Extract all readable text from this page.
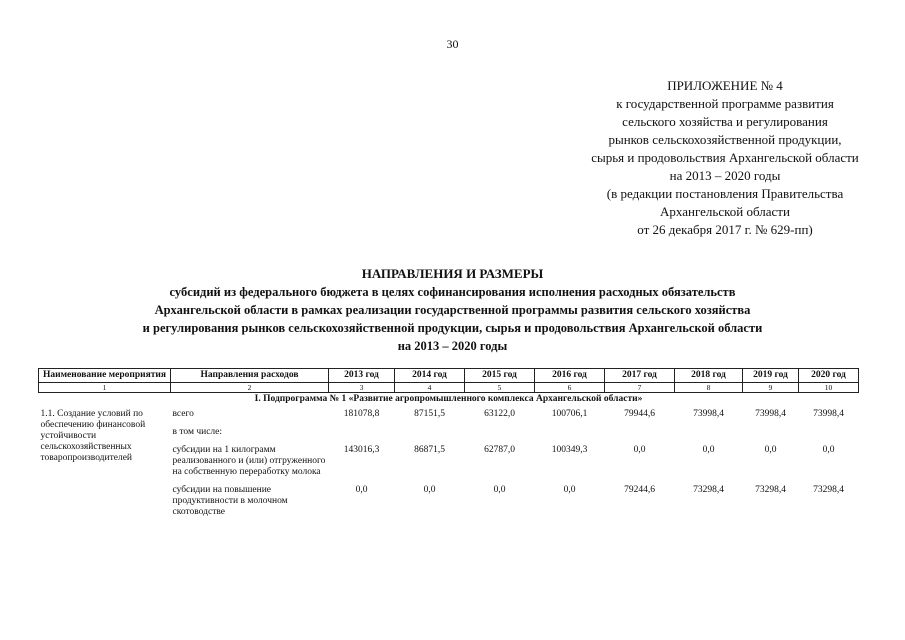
30
ПРИЛОЖЕНИЕ № 4
к государственной программе развития
сельского хозяйства и регулирования
рынков сельскохозяйственной продукции,
сырья и продовольствия Архангельской области
на 2013 – 2020 годы
(в редакции постановления Правительства
Архангельской области
от 26 декабря 2017 г. № 629-пп)
НАПРАВЛЕНИЯ И РАЗМЕРЫ
субсидий из федерального бюджета в целях софинансирования исполнения расходных обязательств
Архангельской области в рамках реализации государственной программы развития сельского хозяйства
и регулирования рынков сельскохозяйственной продукции, сырья и продовольствия Архангельской области
на 2013 – 2020 годы
Наименование мероприятия	Направления расходов	2013 год	2014 год	2015 год	2016 год	2017 год	2018 год	2019 год	2020 год
1	2	3	4	5	6	7	8	9	10
I. Подпрограмма № 1 «Развитие агропромышленного комплекса Архангельской области»									
1.1. Создание условий по обеспечению финансовой устойчивости сельскохозяйственных товаропроизводителей	всего	181078,8	87151,5	63122,0	100706,1	79944,6	73998,4	73998,4	73998,4
	в том числе:								
	субсидии на 1 килограмм реализованного и (или) отгруженного на собственную переработку молока	143016,3	86871,5	62787,0	100349,3	0,0	0,0	0,0	0,0
	субсидии на повышение продуктивности в молочном скотоводстве	0,0	0,0	0,0	0,0	79244,6	73298,4	73298,4	73298,4
